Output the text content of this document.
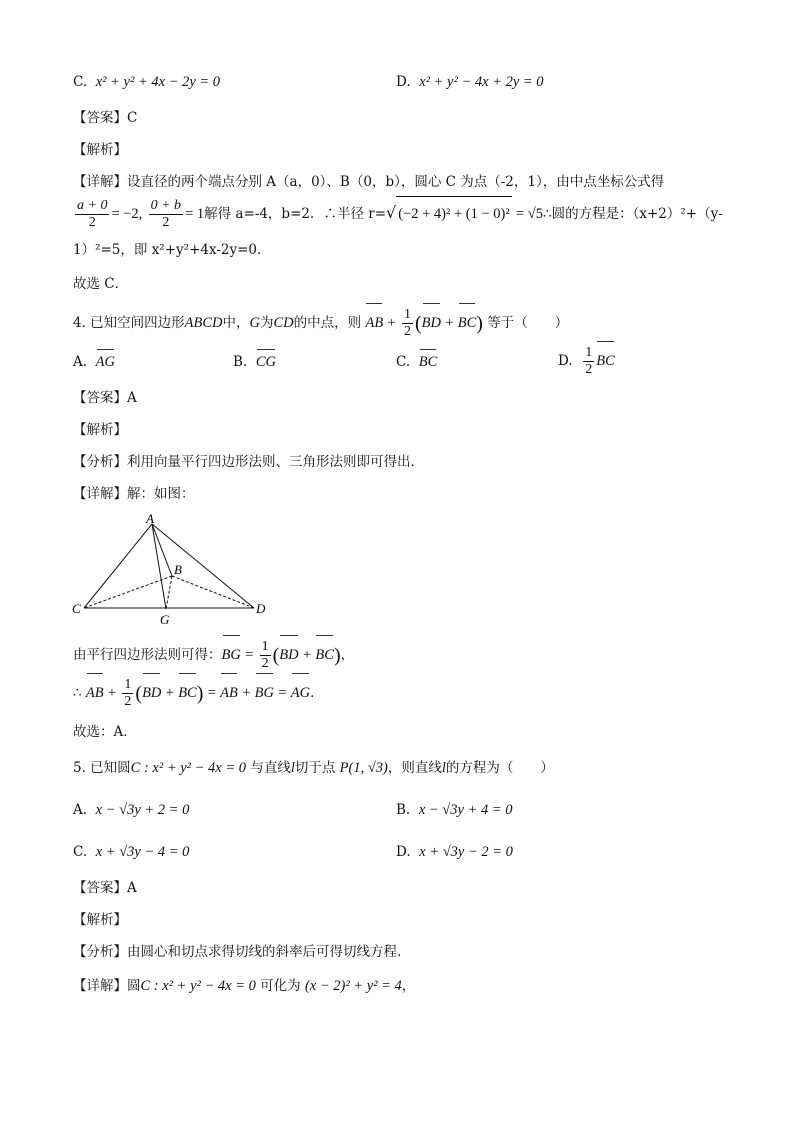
C. x² + y² + 4x − 2y = 0	D. x² + y² − 4x + 2y = 0
【答案】C
【解析】
【详解】设直径的两个端点分别 A（a，0）、B（0，b），圆心 C 为点（-2，1），由中点坐标公式得
$\frac{a + 0}{2} = -2$, $\frac{0 + b}{2} = 1$解得 a=-4，b=2．∴半径 r=√ (−2 + 4)² + (1 − 0)² = √5∴圆的方程是：（x+2）²+（y-
1）²=5，即 x²+y²+4x-2y=0．
故选 C．
4. 已知空间四边形ABCD中，G为CD的中点，则 AB + $\frac{1}{2} (BD + BC)$ 等于（　　）
A. AG	B. CG	C. BC	D. $\frac{1}{2}$ BC
【答案】A
【解析】
【分析】利用向量平行四边形法则、三角形法则即可得出．
【详解】解：如图：
A
B
C	D
G
由平行四边形法则可得：BG = $\frac{1}{2} (BD + BC)$，
∴ AB + $\frac{1}{2} (BD + BC)$ = AB + BG = AG．
故选：A．
5. 已知圆C : x² + y² − 4x = 0 与直线l切于点 P(1, √3)，则直线l的方程为（　　）
A. x − √3y + 2 = 0	B. x − √3y + 4 = 0
C. x + √3y − 4 = 0	D. x + √3y − 2 = 0
【答案】A
【解析】
【分析】由圆心和切点求得切线的斜率后可得切线方程．
【详解】圆C : x² + y² − 4x = 0 可化为 (x − 2)² + y² = 4，
